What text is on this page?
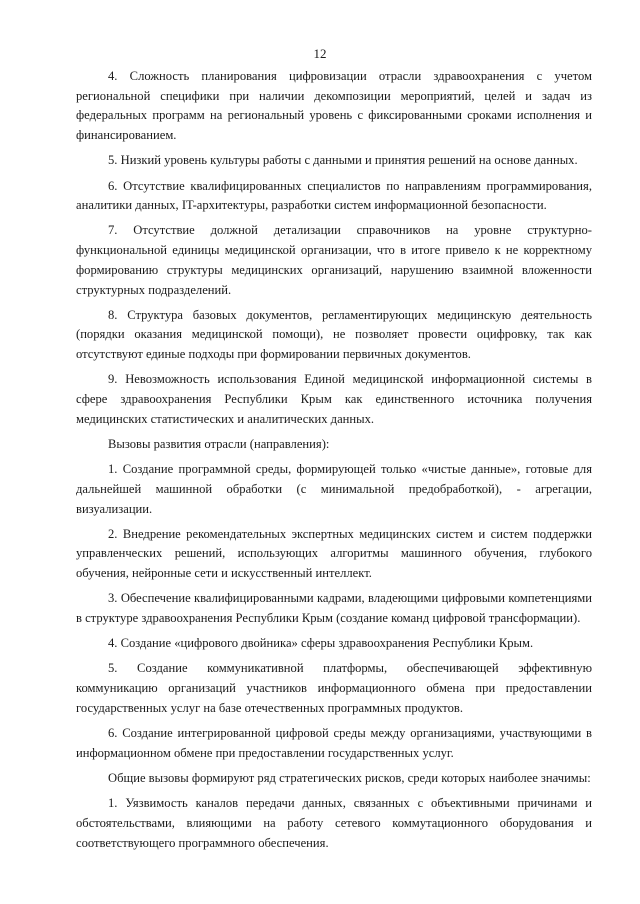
12

4. Сложность планирования цифровизации отрасли здравоохранения с учетом региональной специфики при наличии декомпозиции мероприятий, целей и задач из федеральных программ на региональный уровень с фиксированными сроками исполнения и финансированием.

5. Низкий уровень культуры работы с данными и принятия решений на основе данных.

6. Отсутствие квалифицированных специалистов по направлениям программирования, аналитики данных, IT-архитектуры, разработки систем информационной безопасности.

7. Отсутствие должной детализации справочников на уровне структурно-функциональной единицы медицинской организации, что в итоге привело к не корректному формированию структуры медицинских организаций, нарушению взаимной вложенности структурных подразделений.

8. Структура базовых документов, регламентирующих медицинскую деятельность (порядки оказания медицинской помощи), не позволяет провести оцифровку, так как отсутствуют единые подходы при формировании первичных документов.

9. Невозможность использования Единой медицинской информационной системы в сфере здравоохранения Республики Крым как единственного источника получения медицинских статистических и аналитических данных.

Вызовы развития отрасли (направления):

1. Создание программной среды, формирующей только «чистые данные», готовые для дальнейшей машинной обработки (с минимальной предобработкой), - агрегации, визуализации.

2. Внедрение рекомендательных экспертных медицинских систем и систем поддержки управленческих решений, использующих алгоритмы машинного обучения, глубокого обучения, нейронные сети и искусственный интеллект.

3. Обеспечение квалифицированными кадрами, владеющими цифровыми компетенциями в структуре здравоохранения Республики Крым (создание команд цифровой трансформации).

4. Создание «цифрового двойника» сферы здравоохранения Республики Крым.

5. Создание коммуникативной платформы, обеспечивающей эффективную коммуникацию организаций участников информационного обмена при предоставлении государственных услуг на базе отечественных программных продуктов.

6. Создание интегрированной цифровой среды между организациями, участвующими в информационном обмене при предоставлении государственных услуг.

Общие вызовы формируют ряд стратегических рисков, среди которых наиболее значимы:

1. Уязвимость каналов передачи данных, связанных с объективными причинами и обстоятельствами, влияющими на работу сетевого коммутационного оборудования и соответствующего программного обеспечения.
